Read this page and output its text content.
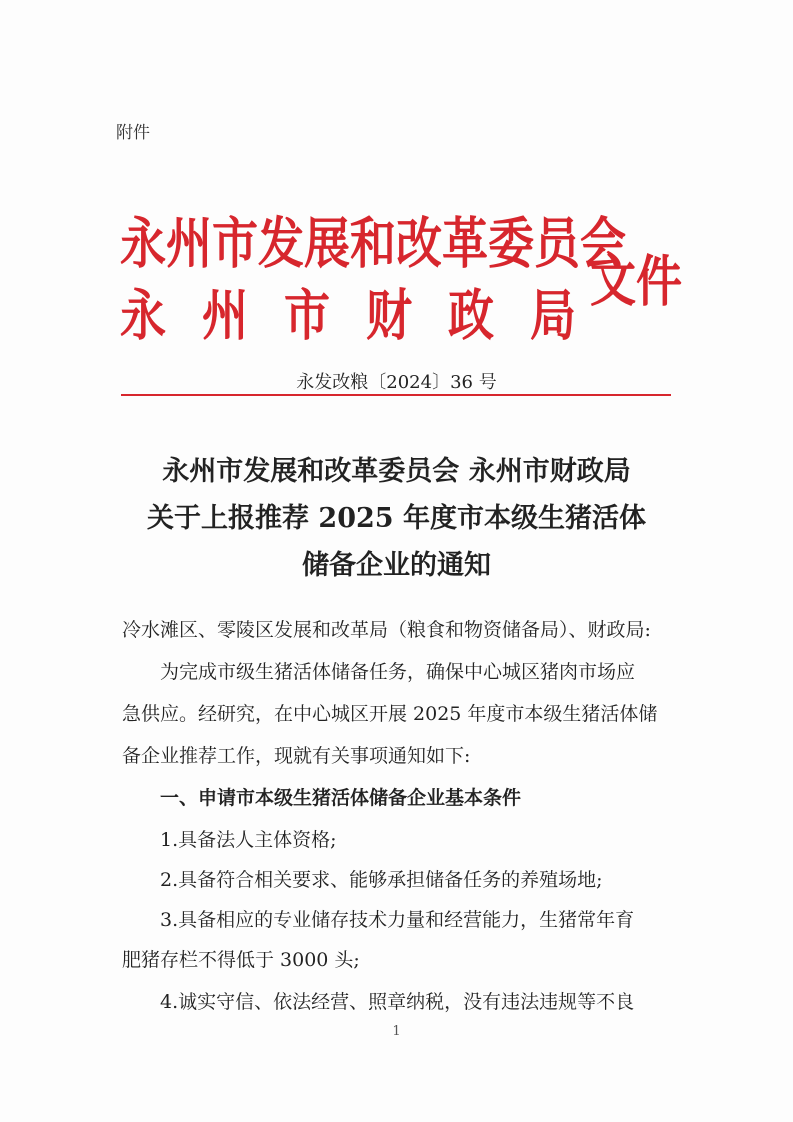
附件
永州市发展和改革委员会
永州市财政局
文件
永发改粮〔2024〕36 号
永州市发展和改革委员会 永州市财政局
关于上报推荐 2025 年度市本级生猪活体
储备企业的通知
冷水滩区、零陵区发展和改革局（粮食和物资储备局）、财政局:
　　为完成市级生猪活体储备任务，确保中心城区猪肉市场应
急供应。经研究，在中心城区开展 2025 年度市本级生猪活体储
备企业推荐工作，现就有关事项通知如下:
　　一、申请市本级生猪活体储备企业基本条件
　　1.具备法人主体资格;
　　2.具备符合相关要求、能够承担储备任务的养殖场地;
　　3.具备相应的专业储存技术力量和经营能力，生猪常年育
肥猪存栏不得低于 3000 头;
　　4.诚实守信、依法经营、照章纳税，没有违法违规等不良
1
